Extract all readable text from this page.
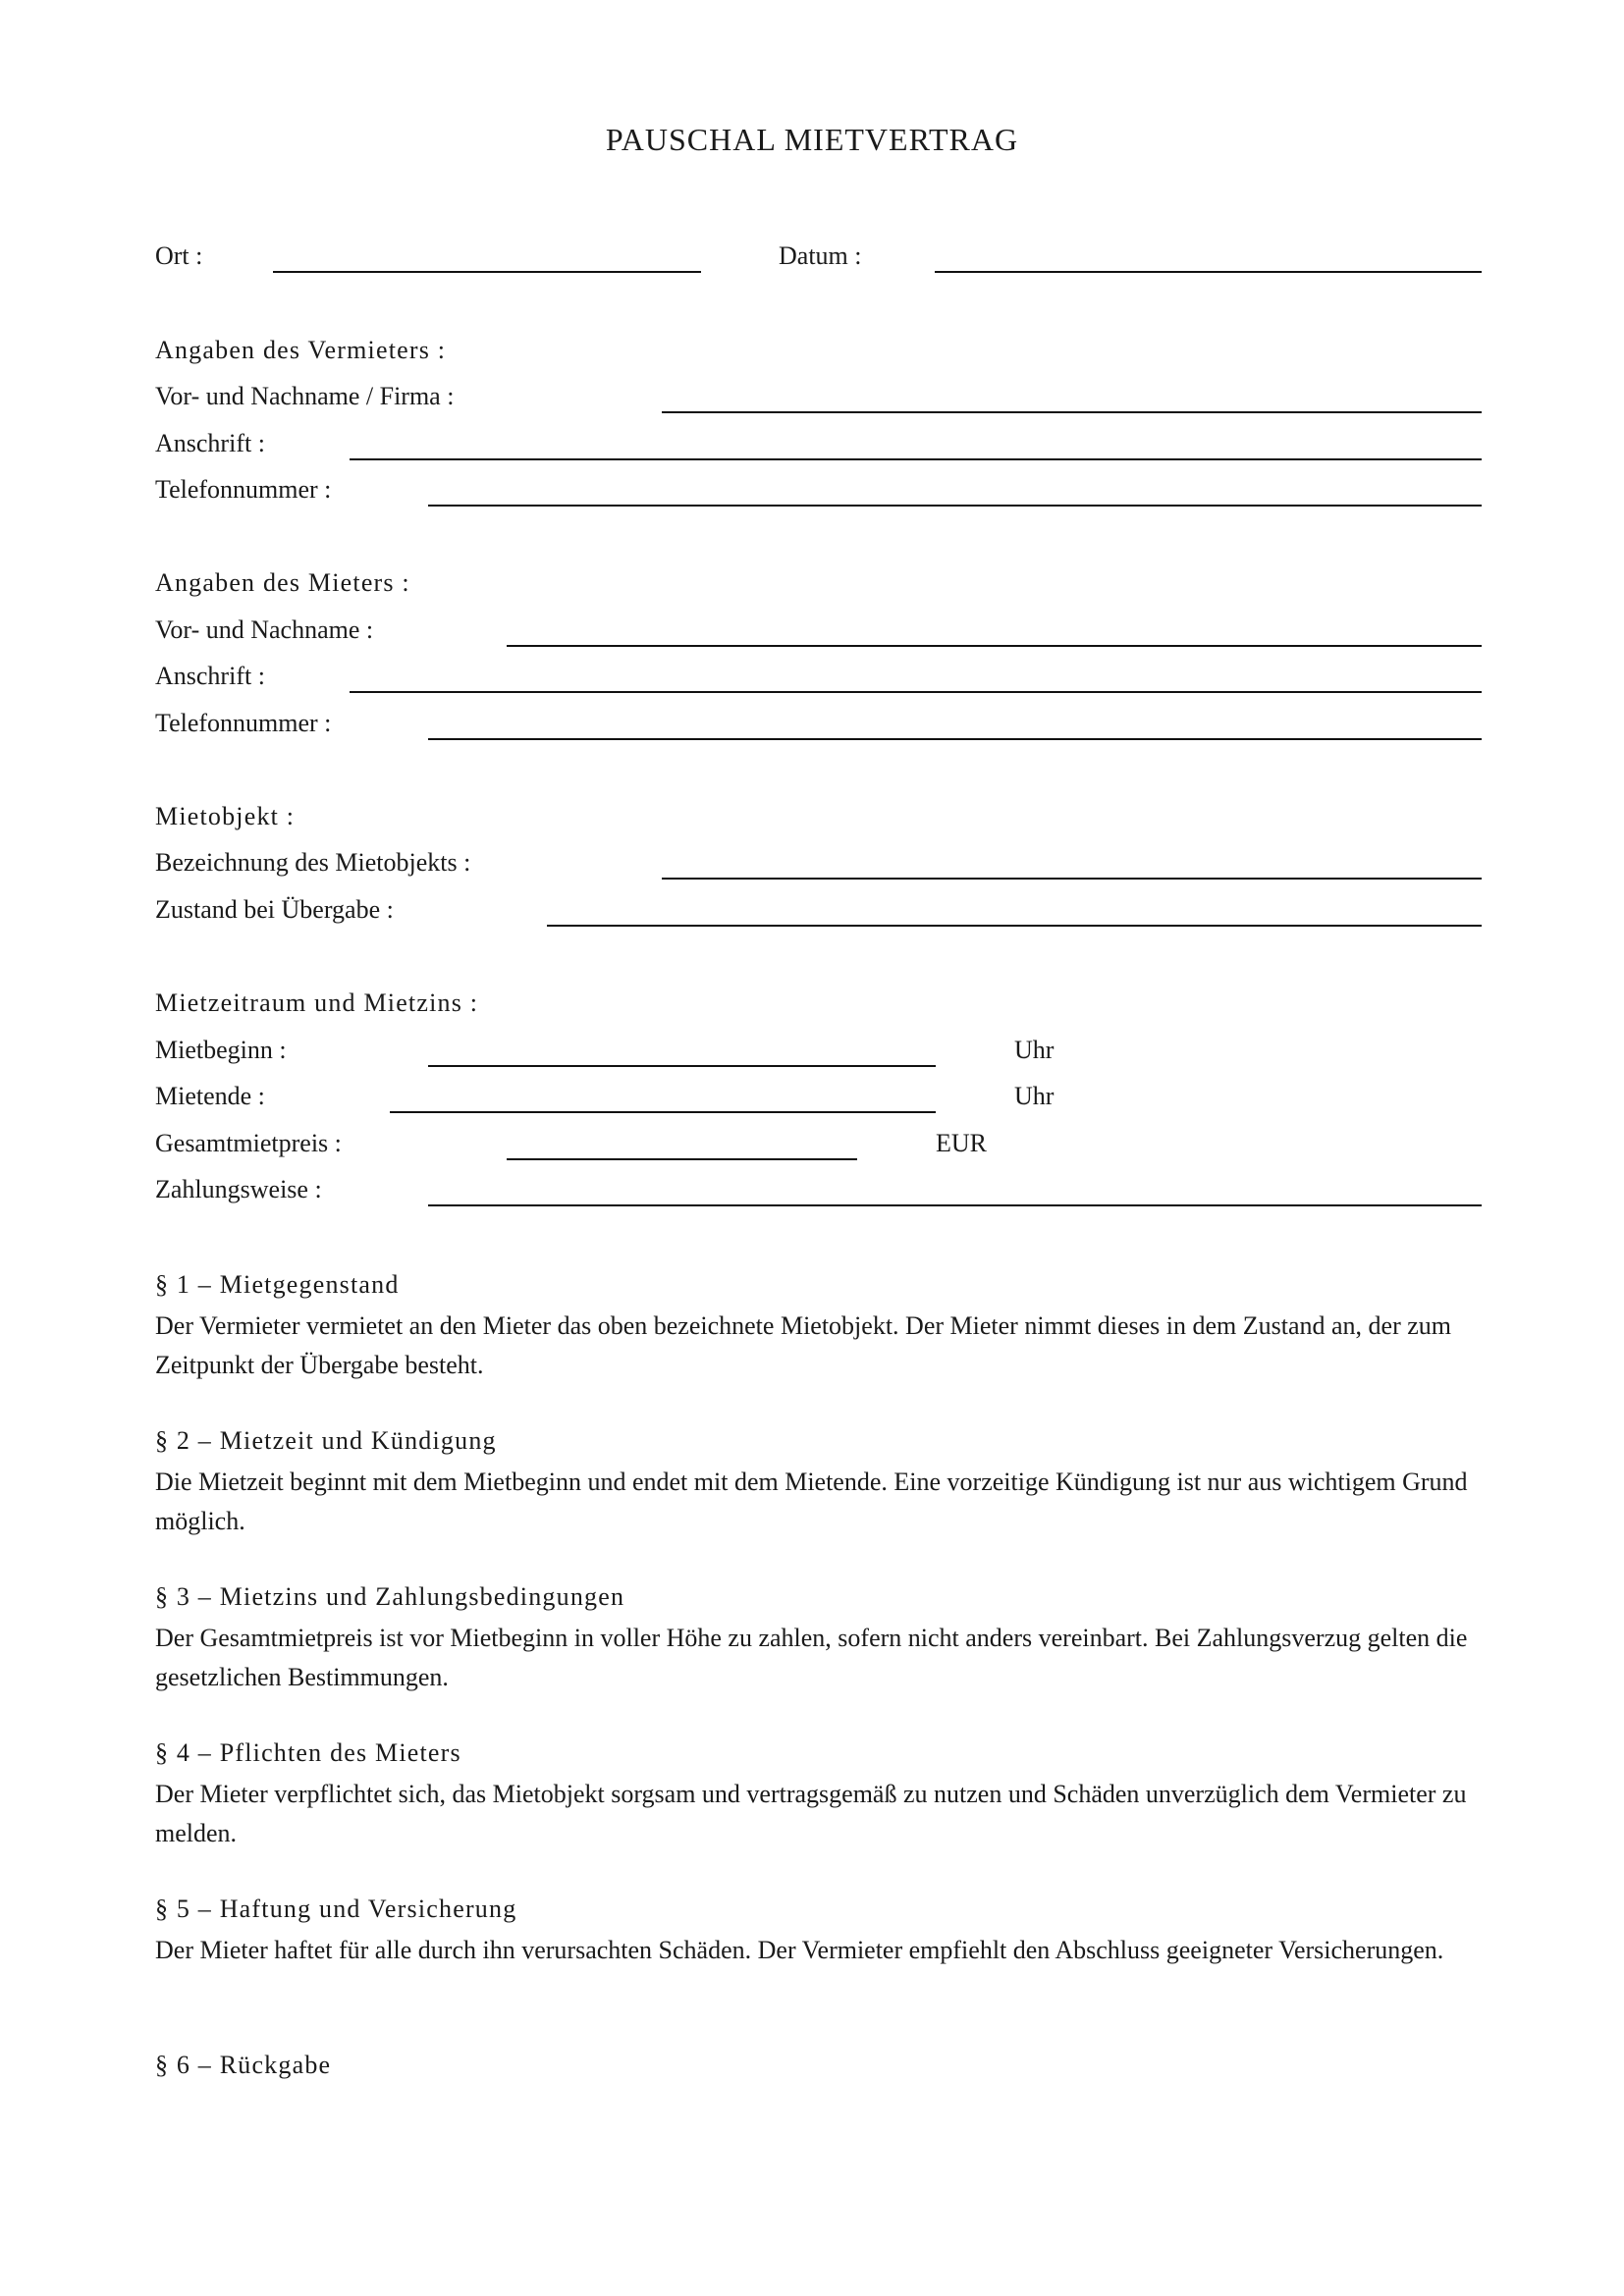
PAUSCHAL MIETVERTRAG
Ort :	Datum :
Angaben des Vermieters :
Vor- und Nachname / Firma :
Anschrift :
Telefonnummer :
Angaben des Mieters :
Vor- und Nachname :
Anschrift :
Telefonnummer :
Mietobjekt :
Bezeichnung des Mietobjekts :
Zustand bei Übergabe :
Mietzeitraum und Mietzins :
Mietbeginn :	Uhr
Mietende :	Uhr
Gesamtmietpreis :	EUR
Zahlungsweise :
§ 1 – Mietgegenstand
Der Vermieter vermietet an den Mieter das oben bezeichnete Mietobjekt. Der Mieter nimmt dieses in dem Zustand an, der zum Zeitpunkt der Übergabe besteht.
§ 2 – Mietzeit und Kündigung
Die Mietzeit beginnt mit dem Mietbeginn und endet mit dem Mietende. Eine vorzeitige Kündigung ist nur aus wichtigem Grund möglich.
§ 3 – Mietzins und Zahlungsbedingungen
Der Gesamtmietpreis ist vor Mietbeginn in voller Höhe zu zahlen, sofern nicht anders vereinbart. Bei Zahlungsverzug gelten die gesetzlichen Bestimmungen.
§ 4 – Pflichten des Mieters
Der Mieter verpflichtet sich, das Mietobjekt sorgsam und vertragsgemäß zu nutzen und Schäden unverzüglich dem Vermieter zu melden.
§ 5 – Haftung und Versicherung
Der Mieter haftet für alle durch ihn verursachten Schäden. Der Vermieter empfiehlt den Abschluss geeigneter Versicherungen.
§ 6 – Rückgabe
